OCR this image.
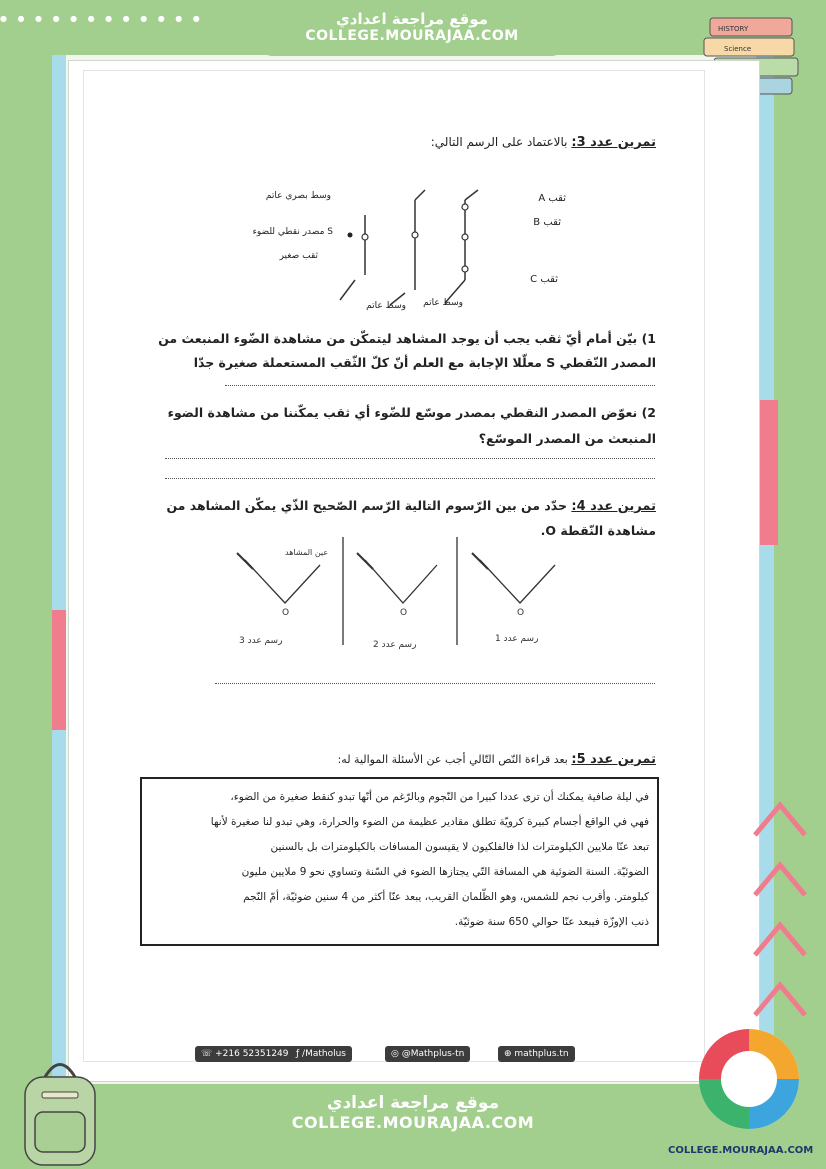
● ● ● ● ● ● ● ● ● ● ● ●	موقع مراجعة اعدادي
COLLEGE.MOURAJAA.COM	HISTORY
Science
تمرين عدد 3: بالاعتماد على الرسم التالي:
وسط بصري عاتم
S مصدر نقطي للضوء
ثقب صغير
ثقب A
ثقب B
ثقب C
وسط عاتم وسط عاتم
1) بيّن أمام أيّ ثقب يجب أن يوجد المشاهد ليتمكّن من مشاهدة الضّوء المنبعث من
المصدر النّقطي S معلّلا الإجابة مع العلم أنّ كلّ الثّقب المستعملة صغيرة جدّا
2) نعوّض المصدر النقطي بمصدر موسّع للضّوء أي ثقب يمكّننا من مشاهدة الضوء
المنبعث من المصدر الموسّع؟
تمرين عدد 4: حدّد من بين الرّسوم التالية الرّسم الصّحيح الذّي يمكّن المشاهد من
مشاهدة النّقطة O.
O	O	O
عين المشاهد
رسم عدد 3	رسم عدد 2
رسم عدد 1
تمرين عدد 5: بعد قراءة النّص التّالي أجب عن الأسئلة الموالية له:
في ليلة صافية يمكنك أن ترى عددا كبيرا من النّجوم وبالرّغم من أنّها تبدو كنقط صغيرة من الضوء،
فهي في الواقع أجسام كبيرة كرويّة تطلق مقادير عظيمة من الضوء والحرارة، وهي تبدو لنا صغيرة لأنها
تبعد عنّا ملايين الكيلومترات لذا فالفلكيون لا يقيسون المسافات بالكيلومترات بل بالسنين
الضوئيّة. السنة الضوئية هي المسافة التّي يجتازها الضوء في السّنة وتساوي نحو 9 ملايين مليون
كيلومتر. وأقرب نجم للشمس، وهو الظّلمان القريب، يبعد عنّا أكثر من 4 سنين ضوئيّة، أمّ النّجم
ذنب الإوزّة فيبعد عنّا حوالي 650 سنة ضوئيّة.
☏ +216 52351249 ƒ /Matholus	◎ @Mathplus-tn	⊕ mathplus.tn
موقع مراجعة اعدادي
COLLEGE.MOURAJAA.COM
COLLEGE.MOURAJAA.COM
